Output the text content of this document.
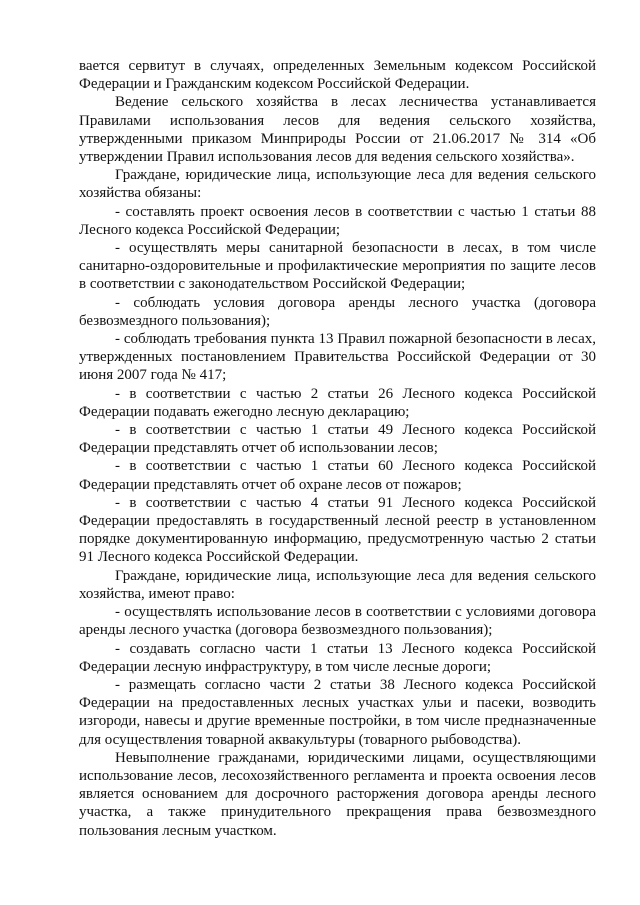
вается сервитут в случаях, определенных Земельным кодексом Российской Федерации и Гражданским кодексом Российской Федерации.

Ведение сельского хозяйства в лесах лесничества устанавливается Правилами использования лесов для ведения сельского хозяйства, утвержденными приказом Минприроды России от 21.06.2017 № 314 «Об утверждении Правил использования лесов для ведения сельского хозяйства».

Граждане, юридические лица, использующие леса для ведения сельского хозяйства обязаны:

- составлять проект освоения лесов в соответствии с частью 1 статьи 88 Лесного кодекса Российской Федерации;

- осуществлять меры санитарной безопасности в лесах, в том числе санитарно-оздоровительные и профилактические мероприятия по защите лесов в соответствии с законодательством Российской Федерации;

- соблюдать условия договора аренды лесного участка (договора безвозмездного пользования);

- соблюдать требования пункта 13 Правил пожарной безопасности в лесах, утвержденных постановлением Правительства Российской Федерации от 30 июня 2007 года № 417;

- в соответствии с частью 2 статьи 26 Лесного кодекса Российской Федерации подавать ежегодно лесную декларацию;

- в соответствии с частью 1 статьи 49 Лесного кодекса Российской Федерации представлять отчет об использовании лесов;

- в соответствии с частью 1 статьи 60 Лесного кодекса Российской Федерации представлять отчет об охране лесов от пожаров;

- в соответствии с частью 4 статьи 91 Лесного кодекса Российской Федерации предоставлять в государственный лесной реестр в установленном порядке документированную информацию, предусмотренную частью 2 статьи 91 Лесного кодекса Российской Федерации.

Граждане, юридические лица, использующие леса для ведения сельского хозяйства, имеют право:

- осуществлять использование лесов в соответствии с условиями договора аренды лесного участка (договора безвозмездного пользования);

- создавать согласно части 1 статьи 13 Лесного кодекса Российской Федерации лесную инфраструктуру, в том числе лесные дороги;

- размещать согласно части 2 статьи 38 Лесного кодекса Российской Федерации на предоставленных лесных участках ульи и пасеки, возводить изгороди, навесы и другие временные постройки, в том числе предназначенные для осуществления товарной аквакультуры (товарного рыбоводства).

Невыполнение гражданами, юридическими лицами, осуществляющими использование лесов, лесохозяйственного регламента и проекта освоения лесов является основанием для досрочного расторжения договора аренды лесного участка, а также принудительного прекращения права безвозмездного пользования лесным участком.
